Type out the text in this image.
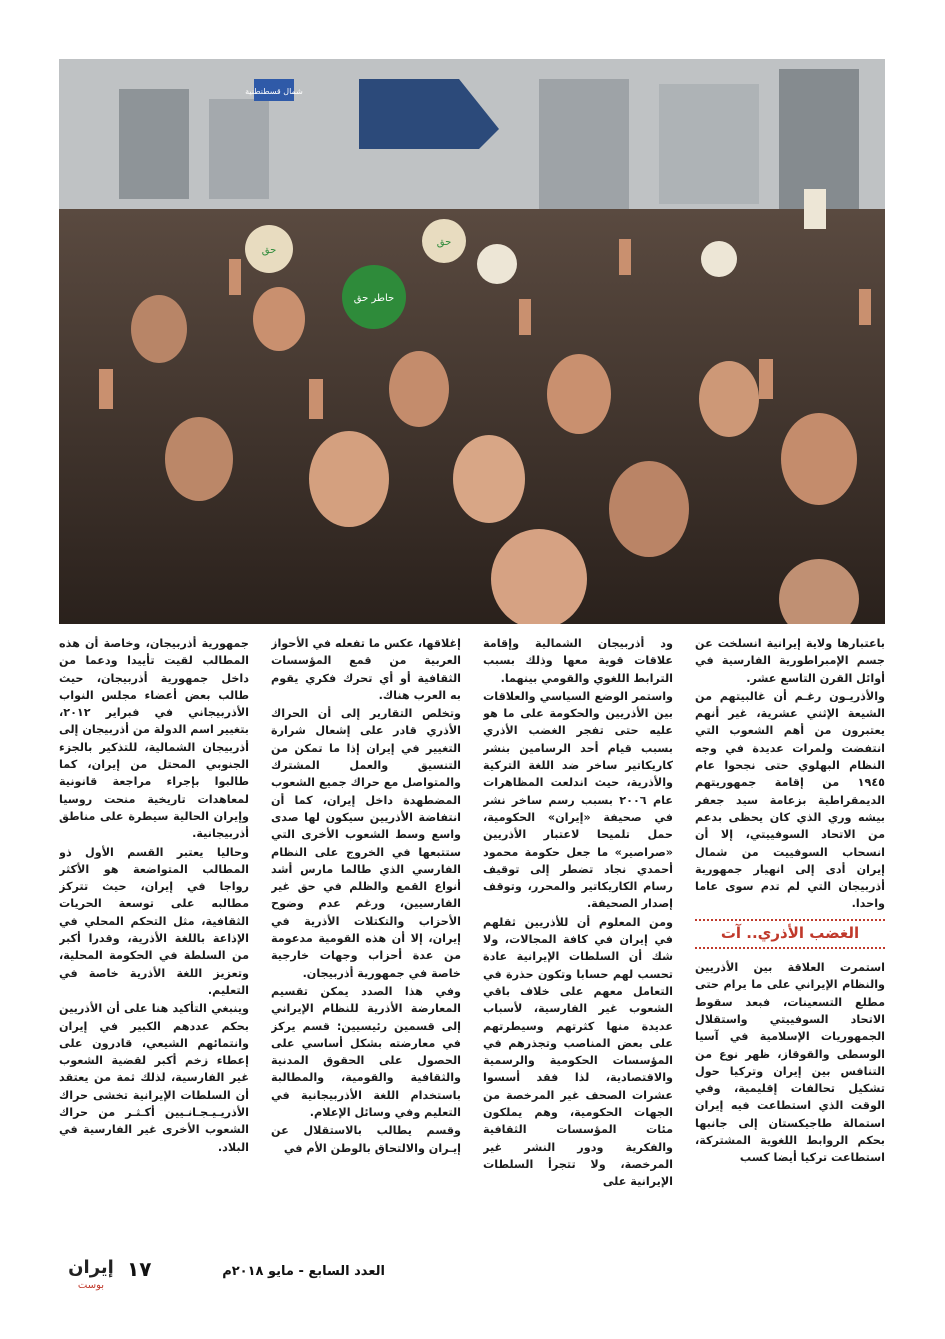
شمال قسطنطنية
حاطر حق
حق
حق

باعتبارها ولاية إيرانية انسلخت عن جسم الإمبراطورية الفارسية في أوائل القرن التاسع عشر.

والأذريـون رغـم أن غالبيتهم من الشيعة الإثني عشرية، غير أنهم يعتبرون من أهم الشعوب التي انتفضت ولمرات عديدة في وجه النظام البهلوي حتى نجحوا عام ١٩٤٥ من إقامة جمهوريتهم الديمقراطية بزعامة سيد جعفر بيشه وري الذي كان يحظى بدعم من الاتحاد السوفييتي، إلا أن انسحاب السوفييت من شمال إيران أدى إلى انهيار جمهورية أذربيجان التي لم تدم سوى عاما واحدا.

الغضب الأذري.. آت

استمرت العلاقة بين الأذريين والنظام الإيراني على ما يرام حتى مطلع التسعينات، فبعد سقوط الاتحاد السوفييتي واستقلال الجمهوريات الإسلامية في آسيا الوسطى والقوقاز، ظهر نوع من التنافس بين إيران وتركيا حول تشكيل تحالفات إقليمية، وفي الوقت الذي استطاعت فيه إيران استمالة طاجيكستان إلى جانبها بحكم الروابط اللغوية المشتركة، استطاعت تركيا أيضا كسب

ود أذربيجان الشمالية وإقامة علاقات قوية معها وذلك بسبب الترابط اللغوي والقومي بينهما.

واستمر الوضع السياسي والعلاقات بين الأذريين والحكومة على ما هو عليه حتى تفجر الغضب الأذري بسبب قيام أحد الرسامين بنشر كاريكاتير ساخر ضد اللغة التركية والأذرية، حيث اندلعت المظاهرات عام ٢٠٠٦ بسبب رسم ساخر نشر في صحيفة «إيران» الحكومية، حمل تلميحا لاعتبار الأذريين «صراصير» ما جعل حكومة محمود أحمدي نجاد تضطر إلى توقيف رسام الكاريكاتير والمحرر، وتوقف إصدار الصحيفة.

ومن المعلوم أن للأذريين ثقلهم في إيران في كافة المجالات، ولا شك أن السلطات الإيرانية عادة تحسب لهم حسابا وتكون حذرة في التعامل معهم على خلاف باقي الشعوب غير الفارسية، لأسباب عديدة منها كثرتهم وسيطرتهم على بعض المناصب وتجذرهم في المؤسسات الحكومية والرسمية والاقتصادية، لذا فقد أسسوا عشرات الصحف غير المرخصة من الجهات الحكومية، وهم يملكون مئات المؤسسات الثقافية والفكرية ودور النشر غير المرخصة، ولا تتجرأ السلطات الإيرانية على

إغلاقها، عكس ما تفعله في الأحواز العربية من قمع المؤسسات الثقافية أو أي تحرك فكري يقوم به العرب هناك.

وتخلص التقارير إلى أن الحراك الأذري قادر على إشعال شرارة التغيير في إيران إذا ما تمكن من التنسيق والعمل المشترك والمتواصل مع حراك جميع الشعوب المضطهدة داخل إيران، كما أن انتفاضة الأذريين سيكون لها صدى واسع وسط الشعوب الأخرى التي ستتبعها في الخروج على النظام الفارسي الذي طالما مارس أشد أنواع القمع والظلم في حق غير الفارسيين، ورغم عدم وضوح الأحزاب والتكتلات الأذرية في إيران، إلا أن هذه القومية مدعومة من عدة أحزاب وجهات خارجية خاصة في جمهورية أذربيجان.

وفي هذا الصدد يمكن تقسيم المعارضة الأذرية للنظام الإيراني إلى قسمين رئيسيين: قسم يركز في معارضته بشكل أساسي على الحصول على الحقوق المدنية والثقافية والقومية، والمطالبة باستخدام اللغة الأذربيجانية في التعليم وفي وسائل الإعلام.

وقسم يطالب بالاستقلال عن إيـران والالتحاق بالوطن الأم في

جمهورية أذربيجان، وخاصة أن هذه المطالب لقيت تأييدا ودعما من داخل جمهورية أذربيجان، حيث طالب بعض أعضاء مجلس النواب الأذربيجاني في فبراير ٢٠١٢، بتغيير اسم الدولة من أذربيجان إلى أذربيجان الشمالية، للتذكير بالجزء الجنوبي المحتل من إيران، كما طالبوا بإجراء مراجعة قانونية لمعاهدات تاريخية منحت روسيا وإيران الحالية سيطرة على مناطق أذربيجانية.

وحاليا يعتبر القسم الأول ذو المطالب المتواضعة هو الأكثر رواجا في إيران، حيث تتركز مطالبه على توسعة الحريات الثقافية، مثل التحكم المحلي في الإذاعة باللغة الأذرية، وقدرا أكبر من السلطة في الحكومة المحلية، وتعزيز اللغة الأذرية خاصة في التعليم.

وينبغي التأكيد هنا على أن الأذريين بحكم عددهم الكبير في إيران وانتمائهم الشيعي، قادرون على إعطاء زخم أكبر لقضية الشعوب غير الفارسية، لذلك ثمة من يعتقد أن السلطات الإيرانية تخشى حراك الأذريـيـجـانـيين أكـثـر من حراك الشعوب الأخرى غير الفارسية في البلاد.

العدد السابع - مايو ٢٠١٨م
١٧
إيران
بوست
